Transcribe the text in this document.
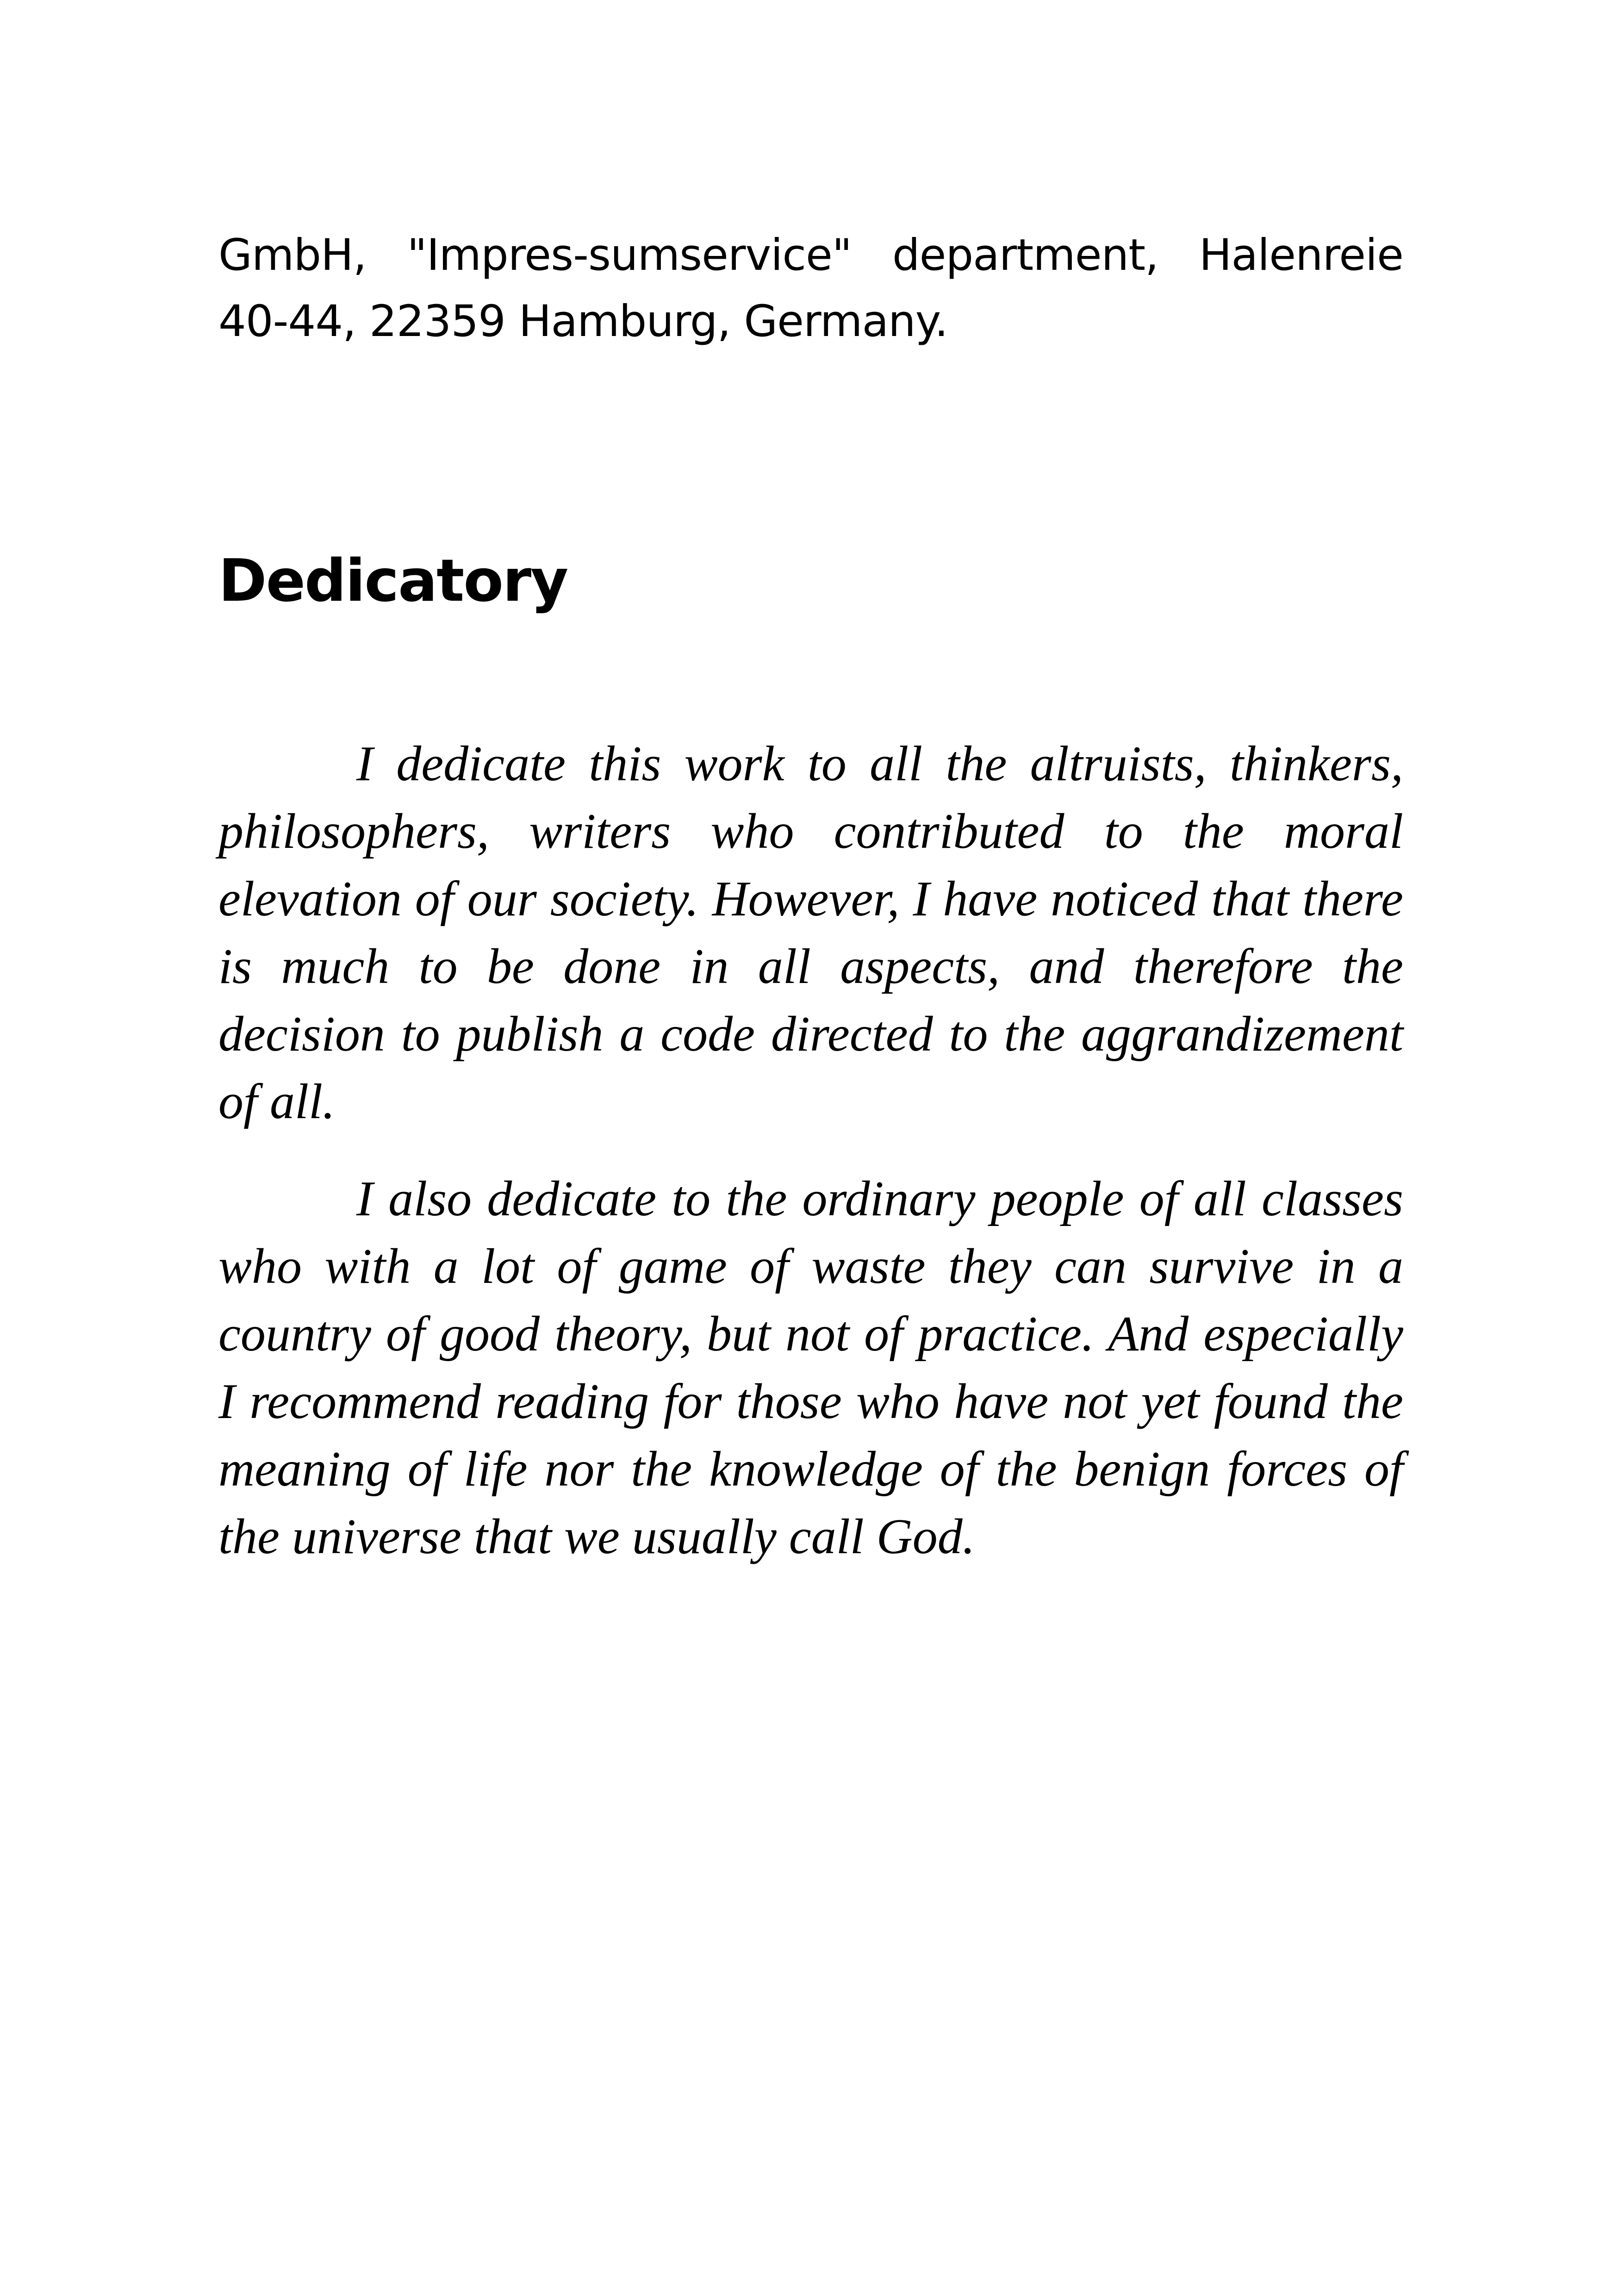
GmbH, "Impres-sumservice" department, Halenreie 40-44, 22359 Hamburg, Germany.

Dedicatory

I dedicate this work to all the altruists, thinkers, philosophers, writers who contributed to the moral elevation of our society. However, I have noticed that there is much to be done in all aspects, and therefore the decision to publish a code directed to the aggrandizement of all.

I also dedicate to the ordinary people of all classes who with a lot of game of waste they can survive in a country of good theory, but not of practice. And especially I recommend reading for those who have not yet found the meaning of life nor the knowledge of the benign forces of the universe that we usually call God.
